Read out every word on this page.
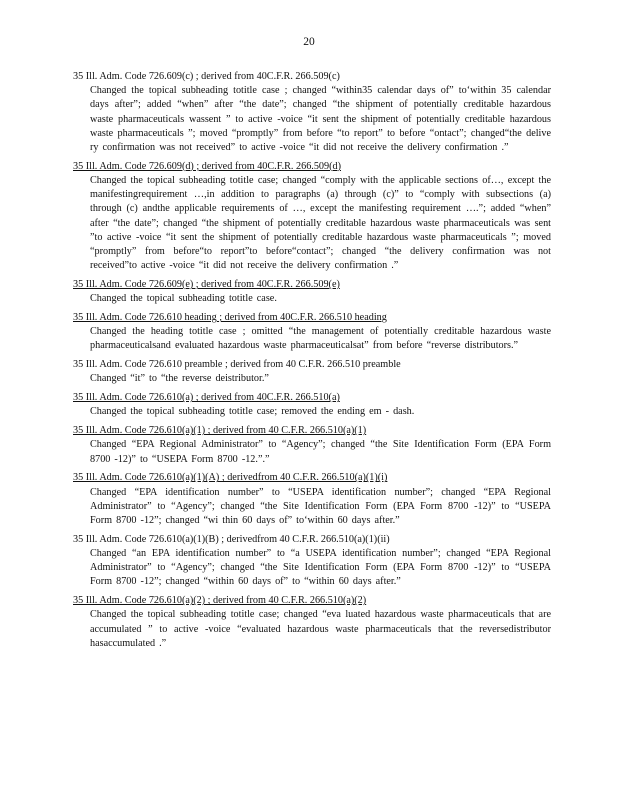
20
35 Ill. Adm. Code 726.609(c) ; derived from 40C.F.R. 266.509(c)
Changed the topical subheading totitle case ; changed “within35 calendar days of” to‘within 35 calendar days after”; added “when” after “the date”; changed “the shipment of potentially creditable hazardous waste pharmaceuticals wassent ” to active -voice “it sent the shipment of potentially creditable hazardous waste pharmaceuticals ”; moved “promptly” from before “to report” to before “ontact”; changed“the delive ry confirmation was not received” to active -voice “it did not receive the delivery confirmation .”
35 Ill. Adm. Code 726.609(d) ; derived from 40C.F.R. 266.509(d)
Changed the topical subheading totitle case; changed “comply with the applicable sections of…, except the manifestingrequirement …,in addition to paragraphs (a) through (c)” to “comply with subsections (a) through (c) andthe applicable requirements of …, except the manifesting requirement ….”; added “when” after “the date”; changed “the shipment of potentially creditable hazardous waste pharmaceuticals was sent ”to active -voice “it sent the shipment of potentially creditable hazardous waste pharmaceuticals ”; moved “promptly” from before“to report”to before“contact”; changed “the delivery confirmation was not received”to active -voice “it did not receive the delivery confirmation .”
35 Ill. Adm. Code 726.609(e) ; derived from 40C.F.R. 266.509(e)
Changed the topical subheading totitle case.
35 Ill. Adm. Code 726.610 heading ; derived from 40C.F.R. 266.510 heading
Changed the heading totitle case ; omitted “the management of potentially creditable hazardous waste pharmaceuticalsand evaluated hazardous waste pharmaceuticalsat” from before “reverse distributors.”
35 Ill. Adm. Code 726.610 preamble ; derived from 40 C.F.R. 266.510 preamble
Changed “it” to “the reverse deistributor.”
35 Ill. Adm. Code 726.610(a) ; derived from 40C.F.R. 266.510(a)
Changed the topical subheading totitle case; removed the ending em - dash.
35 Ill. Adm. Code 726.610(a)(1) ; derived from 40 C.F.R. 266.510(a)(1)
Changed “EPA Regional Administrator” to “Agency”; changed “the Site Identification Form (EPA Form 8700 -12)” to “USEPA Form 8700 -12.”.”
35 Ill. Adm. Code 726.610(a)(1)(A) ; derivedfrom 40 C.F.R. 266.510(a)(1)(i)
Changed “EPA identification number” to “USEPA identification number”; changed “EPA Regional Administrator” to “Agency”; changed “the Site Identification Form (EPA Form 8700 -12)” to “USEPA Form 8700 -12”; changed “wi thin 60 days of” to‘within 60 days after.”
35 Ill. Adm. Code 726.610(a)(1)(B) ; derivedfrom 40 C.F.R. 266.510(a)(1)(ii)
Changed “an EPA identification number” to “a USEPA identification number”; changed “EPA Regional Administrator” to “Agency”; changed “the Site Identification Form (EPA Form 8700 -12)” to “USEPA Form 8700 -12”; changed “within 60 days of” to “within 60 days after.”
35 Ill. Adm. Code 726.610(a)(2) ; derived from 40 C.F.R. 266.510(a)(2)
Changed the topical subheading totitle case; changed “eva luated hazardous waste pharmaceuticals that are accumulated ” to active -voice “evaluated hazardous waste pharmaceuticals that the reversedistributor hasaccumulated .”
